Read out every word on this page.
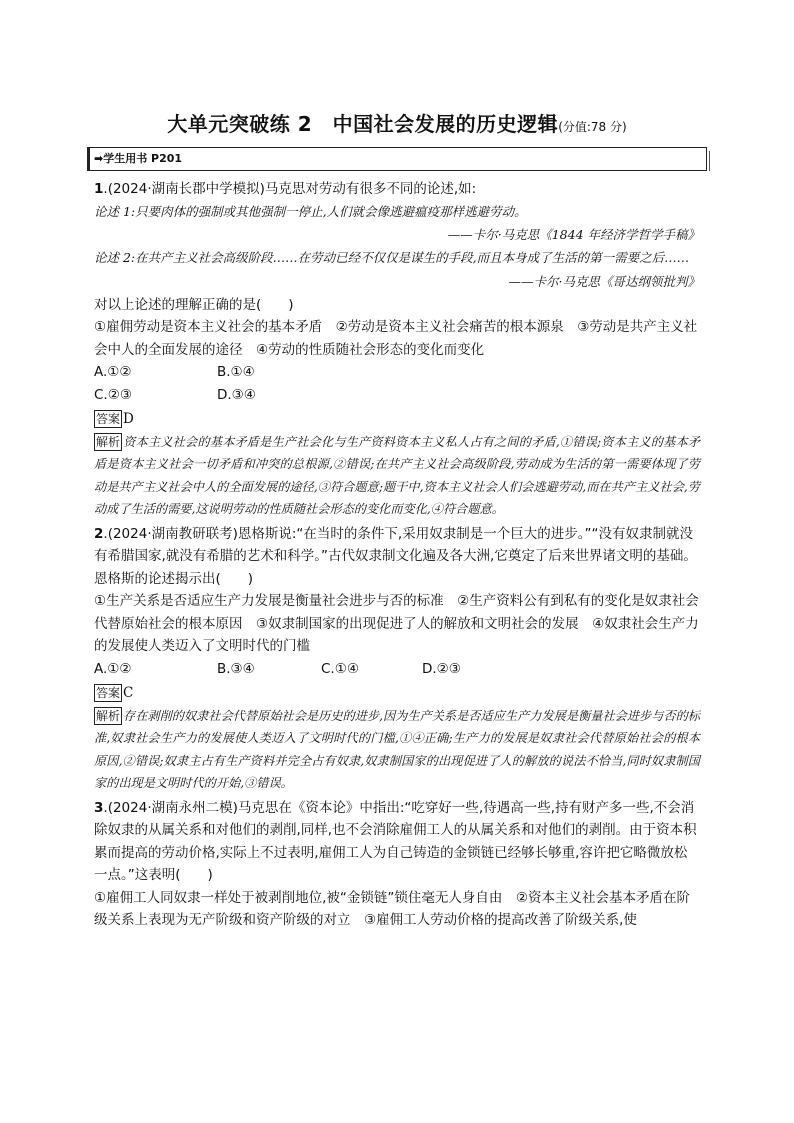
大单元突破练 2　中国社会发展的历史逻辑(分值:78 分)
➡学生用书 P201
1.(2024·湖南长郡中学模拟)马克思对劳动有很多不同的论述,如:
论述 1:只要肉体的强制或其他强制一停止,人们就会像逃避瘟疫那样逃避劳动。
——卡尔·马克思《1844 年经济学哲学手稿》
论述 2:在共产主义社会高级阶段……在劳动已经不仅仅是谋生的手段,而且本身成了生活的第一需要之后……
——卡尔·马克思《哥达纲领批判》
对以上论述的理解正确的是(　　)
①雇佣劳动是资本主义社会的基本矛盾　②劳动是资本主义社会痛苦的根本源泉　③劳动是共产主义社会中人的全面发展的途径　④劳动的性质随社会形态的变化而变化
A.①②	B.①④
C.②③	D.③④
答案 D
解析 资本主义社会的基本矛盾是生产社会化与生产资料资本主义私人占有之间的矛盾,①错误;资本主义的基本矛盾是资本主义社会一切矛盾和冲突的总根源,②错误;在共产主义社会高级阶段,劳动成为生活的第一需要体现了劳动是共产主义社会中人的全面发展的途径,③符合题意;题干中,资本主义社会人们会逃避劳动,而在共产主义社会,劳动成了生活的需要,这说明劳动的性质随社会形态的变化而变化,④符合题意。
2.(2024·湖南教研联考)恩格斯说:“在当时的条件下,采用奴隶制是一个巨大的进步。”“没有奴隶制就没有希腊国家,就没有希腊的艺术和科学。”古代奴隶制文化遍及各大洲,它奠定了后来世界诸文明的基础。恩格斯的论述揭示出(　　)
①生产关系是否适应生产力发展是衡量社会进步与否的标准　②生产资料公有到私有的变化是奴隶社会代替原始社会的根本原因　③奴隶制国家的出现促进了人的解放和文明社会的发展　④奴隶社会生产力的发展使人类迈入了文明时代的门槛
A.①②	B.③④	C.①④	D.②③
答案 C
解析 存在剥削的奴隶社会代替原始社会是历史的进步,因为生产关系是否适应生产力发展是衡量社会进步与否的标准,奴隶社会生产力的发展使人类迈入了文明时代的门槛,①④正确;生产力的发展是奴隶社会代替原始社会的根本原因,②错误;奴隶主占有生产资料并完全占有奴隶,奴隶制国家的出现促进了人的解放的说法不恰当,同时奴隶制国家的出现是文明时代的开始,③错误。
3.(2024·湖南永州二模)马克思在《资本论》中指出:“吃穿好一些,待遇高一些,持有财产多一些,不会消除奴隶的从属关系和对他们的剥削,同样,也不会消除雇佣工人的从属关系和对他们的剥削。由于资本积累而提高的劳动价格,实际上不过表明,雇佣工人为自己铸造的金锁链已经够长够重,容许把它略微放松一点。”这表明(　　)
①雇佣工人同奴隶一样处于被剥削地位,被“金锁链”锁住毫无人身自由　②资本主义社会基本矛盾在阶级关系上表现为无产阶级和资产阶级的对立　③雇佣工人劳动价格的提高改善了阶级关系,使
